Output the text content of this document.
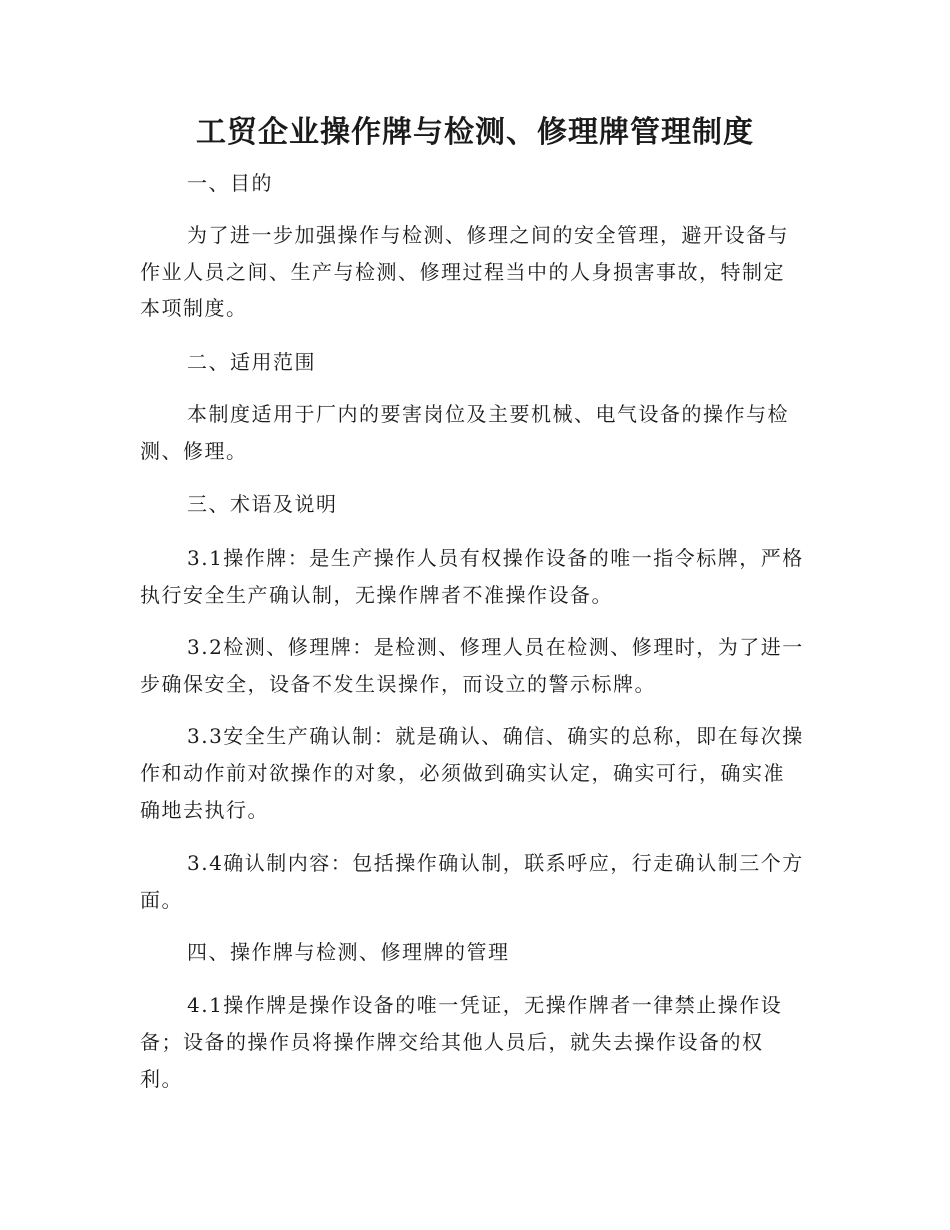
工贸企业操作牌与检测、修理牌管理制度

一、目的

为了进一步加强操作与检测、修理之间的安全管理，避开设备与

作业人员之间、生产与检测、修理过程当中的人身损害事故，特制定

本项制度。

二、适用范围

本制度适用于厂内的要害岗位及主要机械、电气设备的操作与检

测、修理。

三、术语及说明

3.1操作牌：是生产操作人员有权操作设备的唯一指令标牌，严格

执行安全生产确认制，无操作牌者不准操作设备。

3.2检测、修理牌：是检测、修理人员在检测、修理时，为了进一

步确保安全，设备不发生误操作，而设立的警示标牌。

3.3安全生产确认制：就是确认、确信、确实的总称，即在每次操

作和动作前对欲操作的对象，必须做到确实认定，确实可行，确实准

确地去执行。

3.4确认制内容：包括操作确认制，联系呼应，行走确认制三个方

面。

四、操作牌与检测、修理牌的管理

4.1操作牌是操作设备的唯一凭证，无操作牌者一律禁止操作设

备；设备的操作员将操作牌交给其他人员后，就失去操作设备的权

利。
